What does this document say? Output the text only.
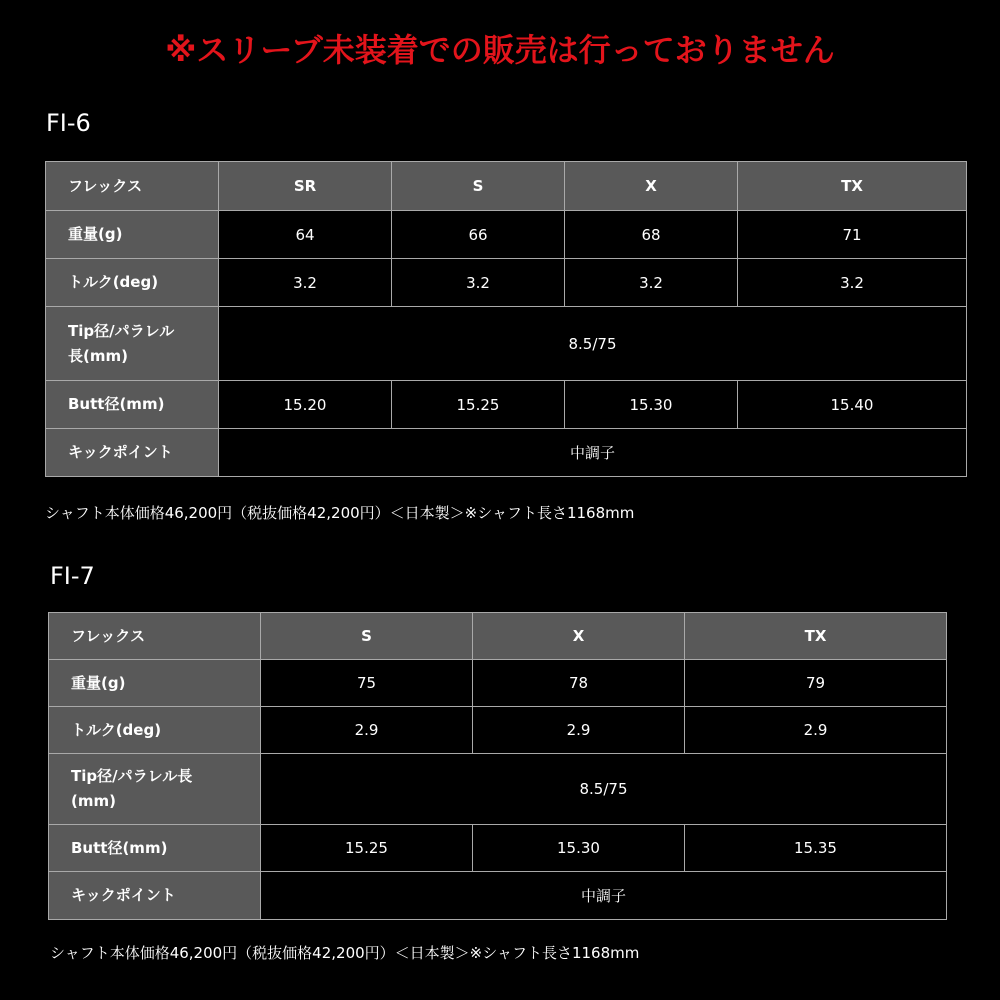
※スリーブ未装着での販売は行っておりません
FI-6
フレックス	SR	S	X	TX
重量(g)	64	66	68	71
トルク(deg)	3.2	3.2	3.2	3.2
Tip径/パラレル
長(mm)	8.5/75			
Butt径(mm)	15.20	15.25	15.30	15.40
キックポイント	中調子			
シャフト本体価格46,200円（税抜価格42,200円）＜日本製＞※シャフト長さ1168mm
FI-7
フレックス	S	X	TX
重量(g)	75	78	79
トルク(deg)	2.9	2.9	2.9
Tip径/パラレル長
(mm)	8.5/75		
Butt径(mm)	15.25	15.30	15.35
キックポイント	中調子		
シャフト本体価格46,200円（税抜価格42,200円）＜日本製＞※シャフト長さ1168mm
